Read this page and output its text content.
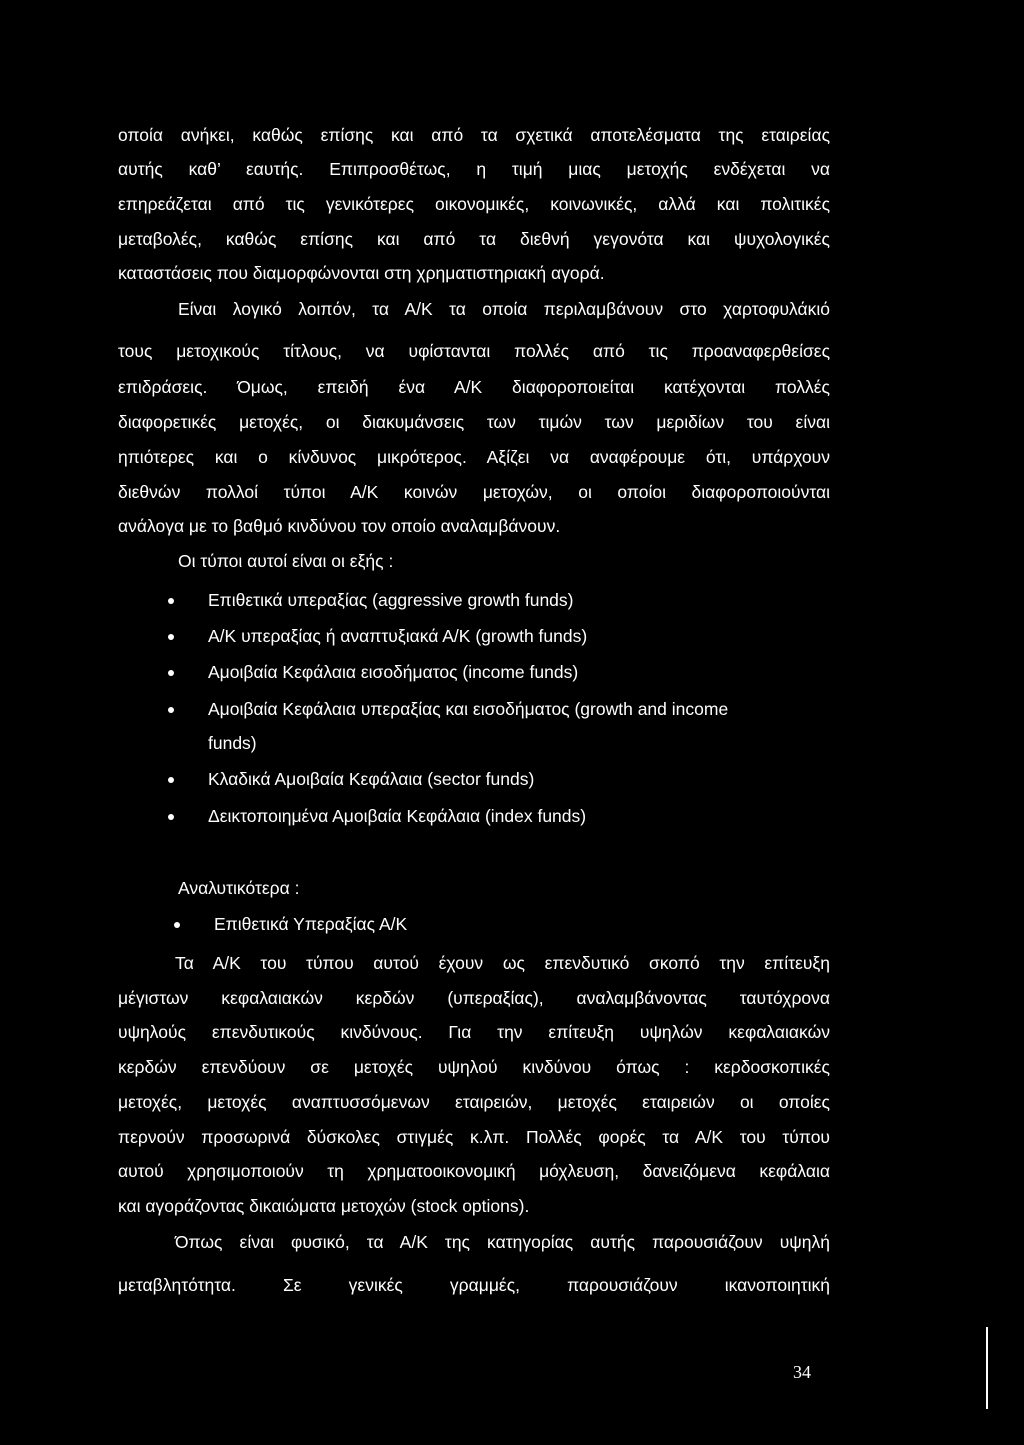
οποία ανήκει, καθώς επίσης και από τα σχετικά αποτελέσματα της εταιρείας
αυτής καθ’ εαυτής. Επιπροσθέτως, η τιμή μιας μετοχής ενδέχεται να
επηρεάζεται από τις γενικότερες οικονομικές, κοινωνικές, αλλά και πολιτικές
μεταβολές, καθώς επίσης και από τα διεθνή γεγονότα και ψυχολογικές
καταστάσεις που διαμορφώνονται στη χρηματιστηριακή αγορά.
Είναι λογικό λοιπόν, τα Α/Κ τα οποία περιλαμβάνουν στο χαρτοφυλάκιό
τους μετοχικούς τίτλους, να υφίστανται πολλές από τις προαναφερθείσες
επιδράσεις. Όμως, επειδή ένα Α/Κ διαφοροποιείται κατέχονται πολλές
διαφορετικές μετοχές, οι διακυμάνσεις των τιμών των μεριδίων του είναι
ηπιότερες και ο κίνδυνος μικρότερος. Αξίζει να αναφέρουμε ότι, υπάρχουν
διεθνών πολλοί τύποι Α/Κ κοινών μετοχών, οι οποίοι διαφοροποιούνται
ανάλογα με το βαθμό κινδύνου τον οποίο αναλαμβάνουν.
Οι τύποι αυτοί είναι οι εξής :
Επιθετικά υπεραξίας (aggressive growth funds)
Α/Κ υπεραξίας ή αναπτυξιακά Α/Κ (growth funds)
Αμοιβαία Κεφάλαια εισοδήματος (income funds)
Αμοιβαία Κεφάλαια υπεραξίας και εισοδήματος (growth and income
funds)
Κλαδικά Αμοιβαία Κεφάλαια (sector funds)
Δεικτοποιημένα Αμοιβαία Κεφάλαια (index funds)
Αναλυτικότερα :
Επιθετικά Υπεραξίας Α/Κ
Τα Α/Κ του τύπου αυτού έχουν ως επενδυτικό σκοπό την επίτευξη
μέγιστων κεφαλαιακών κερδών (υπεραξίας), αναλαμβάνοντας ταυτόχρονα
υψηλούς επενδυτικούς κινδύνους. Για την επίτευξη υψηλών κεφαλαιακών
κερδών επενδύουν σε μετοχές υψηλού κινδύνου όπως : κερδοσκοπικές
μετοχές, μετοχές αναπτυσσόμενων εταιρειών, μετοχές εταιρειών οι οποίες
περνούν προσωρινά δύσκολες στιγμές κ.λπ. Πολλές φορές τα Α/Κ του τύπου
αυτού χρησιμοποιούν τη χρηματοοικονομική μόχλευση, δανειζόμενα κεφάλαια
και αγοράζοντας δικαιώματα μετοχών (stock options).
Όπως είναι φυσικό, τα Α/Κ της κατηγορίας αυτής παρουσιάζουν υψηλή
μεταβλητότητα. Σε γενικές γραμμές, παρουσιάζουν ικανοποιητική
34
